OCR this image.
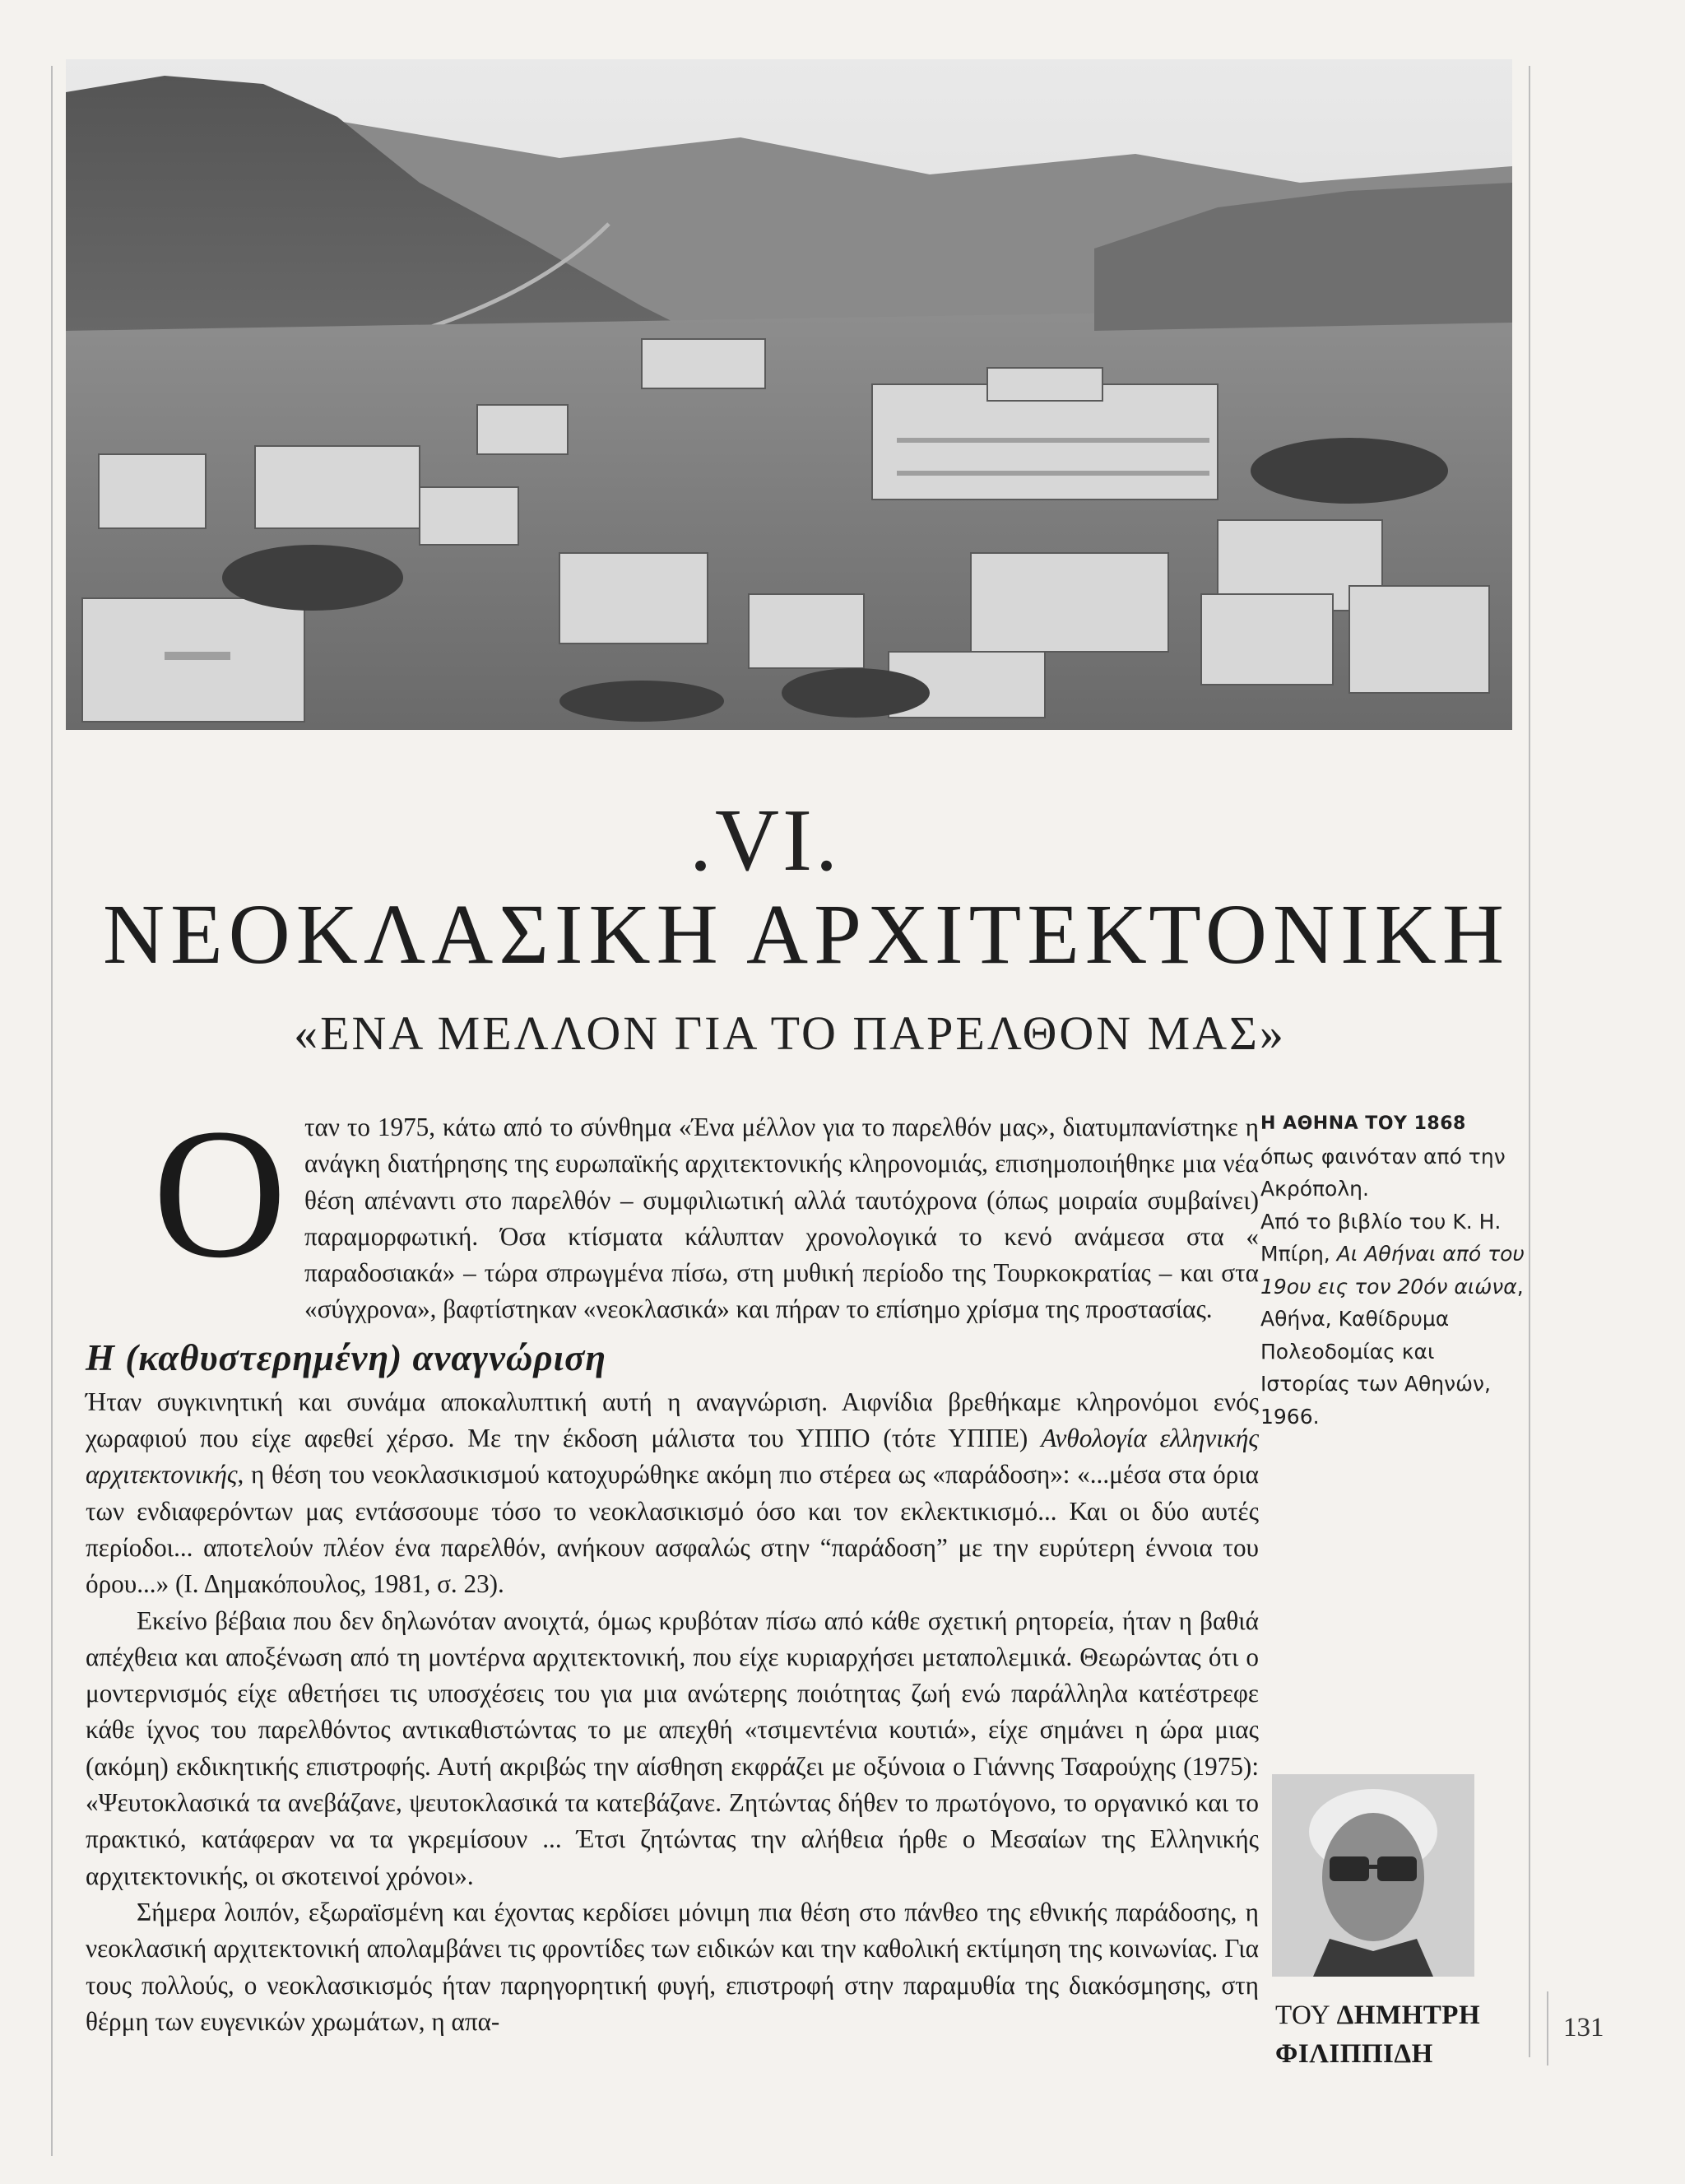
.VI.
ΝΕΟΚΛΑΣΙΚΗ ΑΡΧΙΤΕΚΤΟΝΙΚΗ
«ΕΝΑ ΜΕΛΛΟΝ ΓΙΑ ΤΟ ΠΑΡΕΛΘΟΝ ΜΑΣ»
Ο ταν το 1975, κάτω από το σύνθημα «Ένα μέλλον για το παρελθόν μας», διατυμπανίστηκε η ανάγκη διατήρησης της ευρωπαϊκής αρχιτεκτονικής κληρονομιάς, επισημοποιήθηκε μια νέα θέση απέναντι στο παρελθόν – συμφιλιωτική αλλά ταυτόχρονα (όπως μοιραία συμβαίνει) παραμορφωτική. Όσα κτίσματα κάλυπταν χρονολογικά το κενό ανάμεσα στα « παραδοσιακά» – τώρα σπρωγμένα πίσω, στη μυθική περίοδο της Τουρκοκρατίας – και στα «σύγχρονα», βαφτίστηκαν «νεοκλασικά» και πήραν το επίσημο χρίσμα της προστασίας.
Η (καθυστερημένη) αναγνώριση

Ήταν συγκινητική και συνάμα αποκαλυπτική αυτή η αναγνώριση. Αιφνίδια βρεθήκαμε κληρονόμοι ενός χωραφιού που είχε αφεθεί χέρσο. Με την έκδοση μάλιστα του ΥΠΠΟ (τότε ΥΠΠΕ) Ανθολογία ελληνικής αρχιτεκτονικής, η θέση του νεοκλασικισμού κατοχυρώθηκε ακόμη πιο στέρεα ως «παράδοση»: «...μέσα στα όρια των ενδιαφερόντων μας εντάσσουμε τόσο το νεοκλασικισμό όσο και τον εκλεκτικισμό... Και οι δύο αυτές περίοδοι... αποτελούν πλέον ένα παρελθόν, ανήκουν ασφαλώς στην “παράδοση” με την ευρύτερη έννοια του όρου...» (Ι. Δημακόπουλος, 1981, σ. 23).

Εκείνο βέβαια που δεν δηλωνόταν ανοιχτά, όμως κρυβόταν πίσω από κάθε σχετική ρητορεία, ήταν η βαθιά απέχθεια και αποξένωση από τη μοντέρνα αρχιτεκτονική, που είχε κυριαρχήσει μεταπολεμικά. Θεωρώντας ότι ο μοντερνισμός είχε αθετήσει τις υποσχέσεις του για μια ανώτερης ποιότητας ζωή ενώ παράλληλα κατέστρεφε κάθε ίχνος του παρελθόντος αντικαθιστώντας το με απεχθή «τσιμεντένια κουτιά», είχε σημάνει η ώρα μιας (ακόμη) εκδικητικής επιστροφής. Αυτή ακριβώς την αίσθηση εκφράζει με οξύνοια ο Γιάννης Τσαρούχης (1975): «Ψευτοκλασικά τα ανεβάζανε, ψευτοκλασικά τα κατεβάζανε. Ζητώντας δήθεν το πρωτόγονο, το οργανικό και το πρακτικό, κατάφεραν να τα γκρεμίσουν ... Έτσι ζητώντας την αλήθεια ήρθε ο Μεσαίων της Ελληνικής αρχιτεκτονικής, οι σκοτεινοί χρόνοι».

Σήμερα λοιπόν, εξωραϊσμένη και έχοντας κερδίσει μόνιμη πια θέση στο πάνθεο της εθνικής παράδοσης, η νεοκλασική αρχιτεκτονική απολαμβάνει τις φροντίδες των ειδικών και την καθολική εκτίμηση της κοινωνίας. Για τους πολλούς, ο νεοκλασικισμός ήταν παρηγορητική φυγή, επιστροφή στην παραμυθία της διακόσμησης, στη θέρμη των ευγενικών χρωμάτων, η απα-

Η ΑΘΗΝΑ ΤΟΥ 1868
όπως φαινόταν από την Ακρόπολη.
Από το βιβλίο του Κ. Η. Μπίρη, Αι Αθήναι από του 19ου εις τον 20όν αιώνα, Αθήνα, Καθίδρυμα Πολεοδομίας και Ιστορίας των Αθηνών, 1966.
ΤΟΥ ΔΗΜΗΤΡΗ
ΦΙΛΙΠΠΙΔΗ
131
